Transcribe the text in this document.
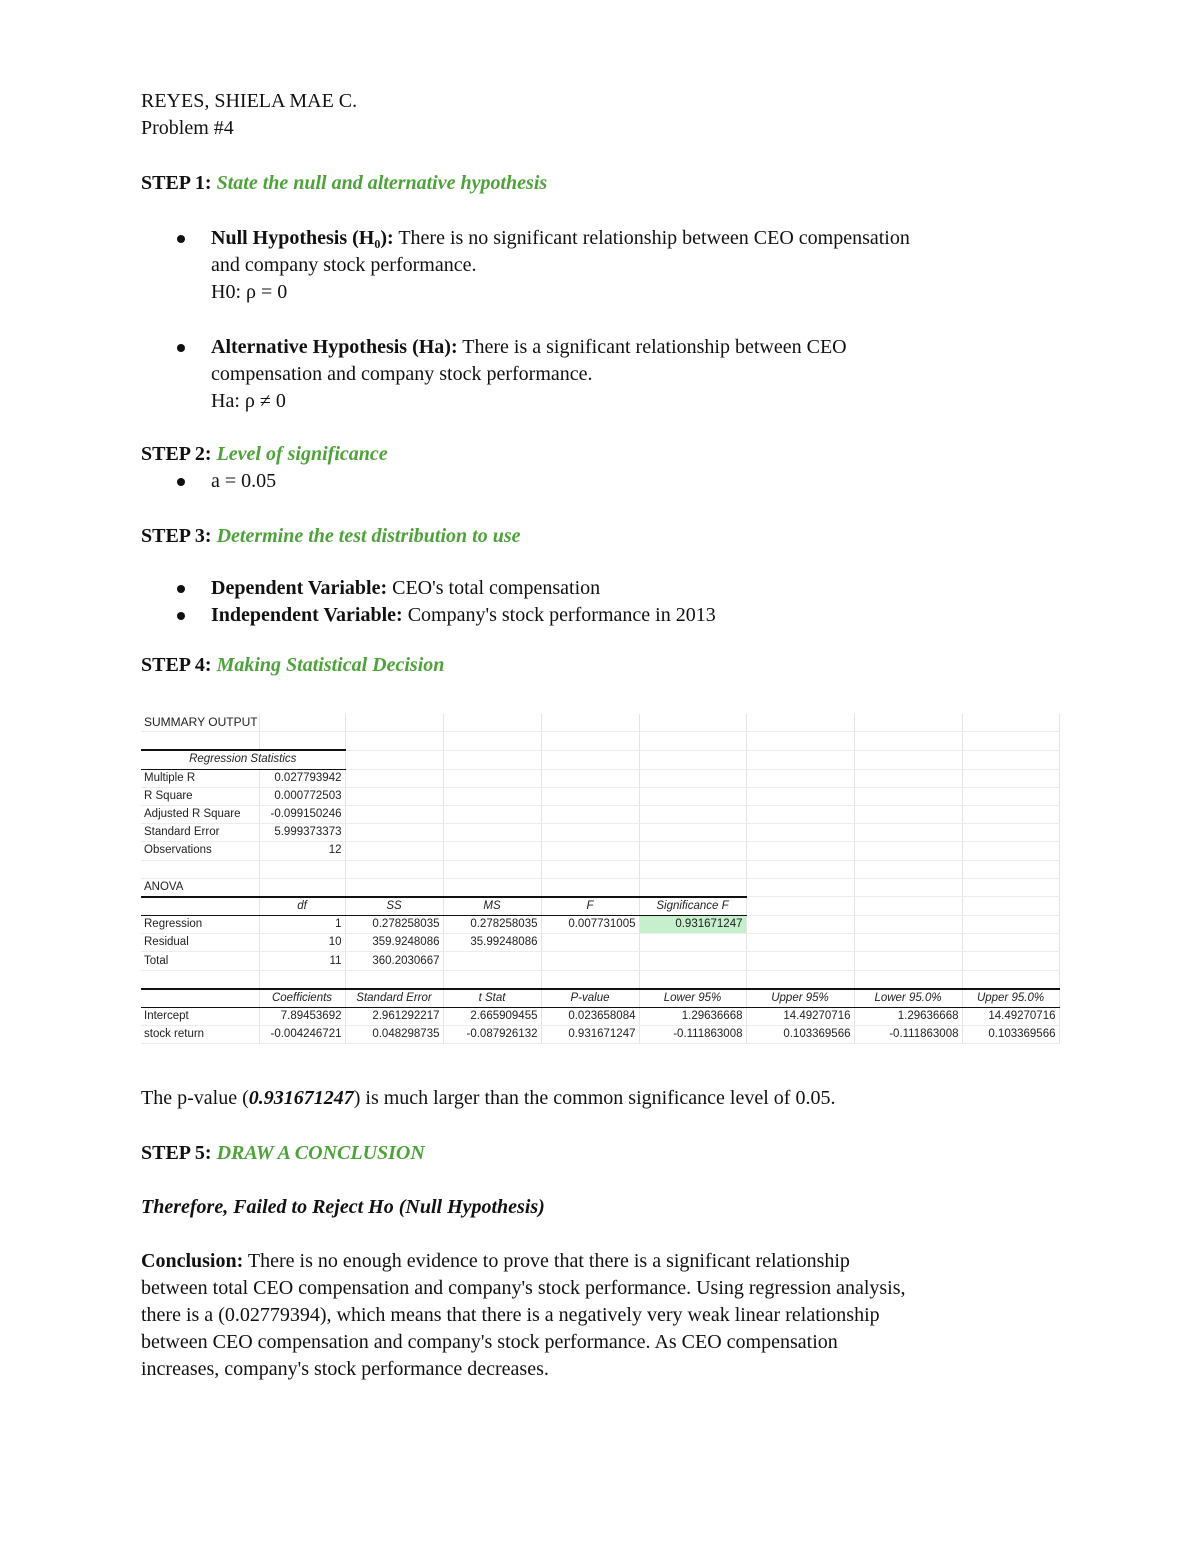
REYES, SHIELA MAE C.

Problem #4

STEP 1: State the null and alternative hypothesis

Null Hypothesis (H₀): There is no significant relationship between CEO compensation
and company stock performance.
H0: ρ = 0
Alternative Hypothesis (Ha): There is a significant relationship between CEO
compensation and company stock performance.
Ha: ρ ≠ 0

STEP 2: Level of significance

a = 0.05

STEP 3: Determine the test distribution to use

Dependent Variable: CEO's total compensation
Independent Variable: Company's stock performance in 2013

STEP 4: Making Statistical Decision

SUMMARY OUTPUT								

Regression Statistics								
Multiple R	0.027793942							
R Square	0.000772503							
Adjusted R Square	-0.099150246							
Standard Error	5.999373373							
Observations	12							

ANOVA								
	df	SS	MS	F	Significance F			
Regression	1	0.278258035	0.278258035	0.007731005	0.931671247			
Residual	10	359.9248086	35.99248086					
Total	11	360.2030667						

	Coefficients	Standard Error	t Stat	P-value	Lower 95%	Upper 95%	Lower 95.0%	Upper 95.0%
Intercept	7.89453692	2.961292217	2.665909455	0.023658084	1.29636668	14.49270716	1.29636668	14.49270716
stock return	-0.004246721	0.048298735	-0.087926132	0.931671247	-0.111863008	0.103369566	-0.111863008	0.103369566

The p-value (0.931671247) is much larger than the common significance level of 0.05.

STEP 5: DRAW A CONCLUSION

Therefore, Failed to Reject Ho (Null Hypothesis)

Conclusion: There is no enough evidence to prove that there is a significant relationship
between total CEO compensation and company's stock performance. Using regression analysis,
there is a (0.02779394), which means that there is a negatively very weak linear relationship
between CEO compensation and company's stock performance. As CEO compensation
increases, company's stock performance decreases.
